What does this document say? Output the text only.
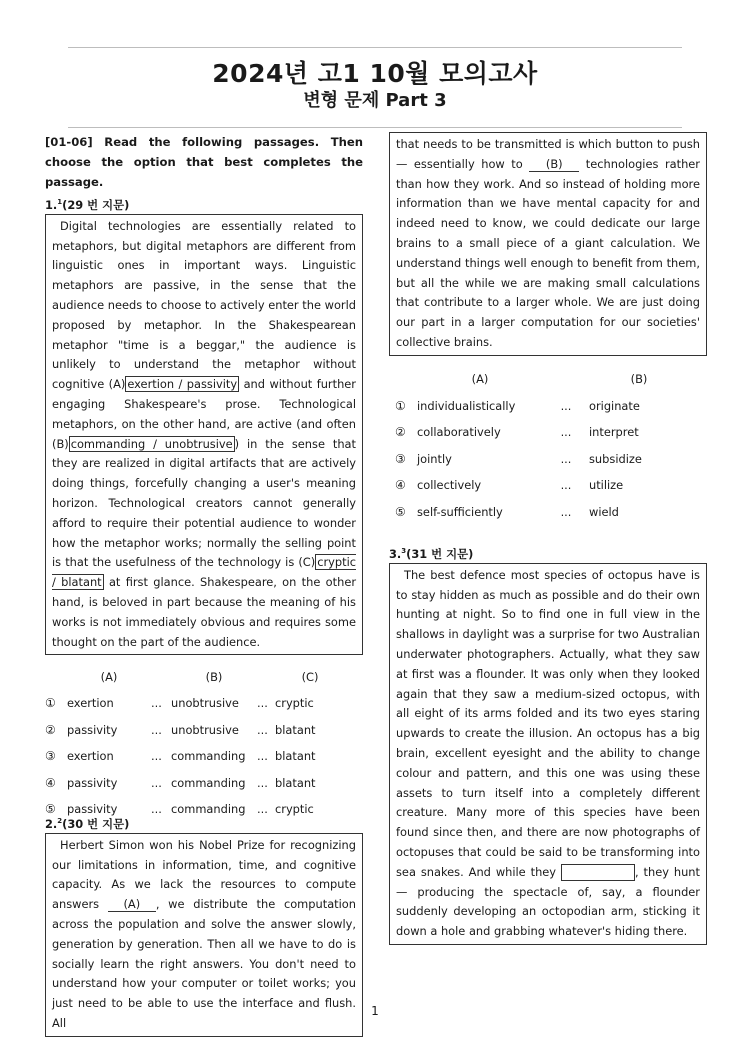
2024년 고1 10월 모의고사
변형 문제 Part 3
[01-06] Read the following passages. Then choose the option that best completes the passage.
1.$^1$(29 번 지문)
Digital technologies are essentially related to metaphors, but digital metaphors are different from linguistic ones in important ways. Linguistic metaphors are passive, in the sense that the audience needs to choose to actively enter the world proposed by metaphor. In the Shakespearean metaphor "time is a beggar," the audience is unlikely to understand the metaphor without cognitive (A) exertion / passivity and without further engaging Shakespeare's prose. Technological metaphors, on the other hand, are active (and often (B) commanding / unobtrusive ) in the sense that they are realized in digital artifacts that are actively doing things, forcefully changing a user's meaning horizon. Technological creators cannot generally afford to require their potential audience to wonder how the metaphor works; normally the selling point is that the usefulness of the technology is (C) cryptic / blatant at first glance. Shakespeare, on the other hand, is beloved in part because the meaning of his works is not immediately obvious and requires some thought on the part of the audience.
	(A)		(B)		(C)
①	exertion	...	unobtrusive	...	cryptic
②	passivity	...	unobtrusive	...	blatant
③	exertion	...	commanding	...	blatant
④	passivity	...	commanding	...	blatant
⑤	passivity	...	commanding	...	cryptic
2.$^2$(30 번 지문)
Herbert Simon won his Nobel Prize for recognizing our limitations in information, time, and cognitive capacity. As we lack the resources to compute answers (A) , we distribute the computation across the population and solve the answer slowly, generation by generation. Then all we have to do is socially learn the right answers. You don't need to understand how your computer or toilet works; you just need to be able to use the interface and flush. All
that needs to be transmitted is which button to push — essentially how to (B) technologies rather than how they work. And so instead of holding more information than we have mental capacity for and indeed need to know, we could dedicate our large brains to a small piece of a giant calculation. We understand things well enough to benefit from them, but all the while we are making small calculations that contribute to a larger whole. We are just doing our part in a larger computation for our societies' collective brains.
	(A)		(B)
①	individualistically	...	originate
②	collaboratively	...	interpret
③	jointly	...	subsidize
④	collectively	...	utilize
⑤	self-sufficiently	...	wield
3.$^3$(31 번 지문)
The best defence most species of octopus have is to stay hidden as much as possible and do their own hunting at night. So to find one in full view in the shallows in daylight was a surprise for two Australian underwater photographers. Actually, what they saw at first was a flounder. It was only when they looked again that they saw a medium-sized octopus, with all eight of its arms folded and its two eyes staring upwards to create the illusion. An octopus has a big brain, excellent eyesight and the ability to change colour and pattern, and this one was using these assets to turn itself into a completely different creature. Many more of this species have been found since then, and there are now photographs of octopuses that could be said to be transforming into sea snakes. And while they	, they hunt — producing the spectacle of, say, a flounder suddenly developing an octopodian arm, sticking it down a hole and grabbing whatever's hiding there.
1
